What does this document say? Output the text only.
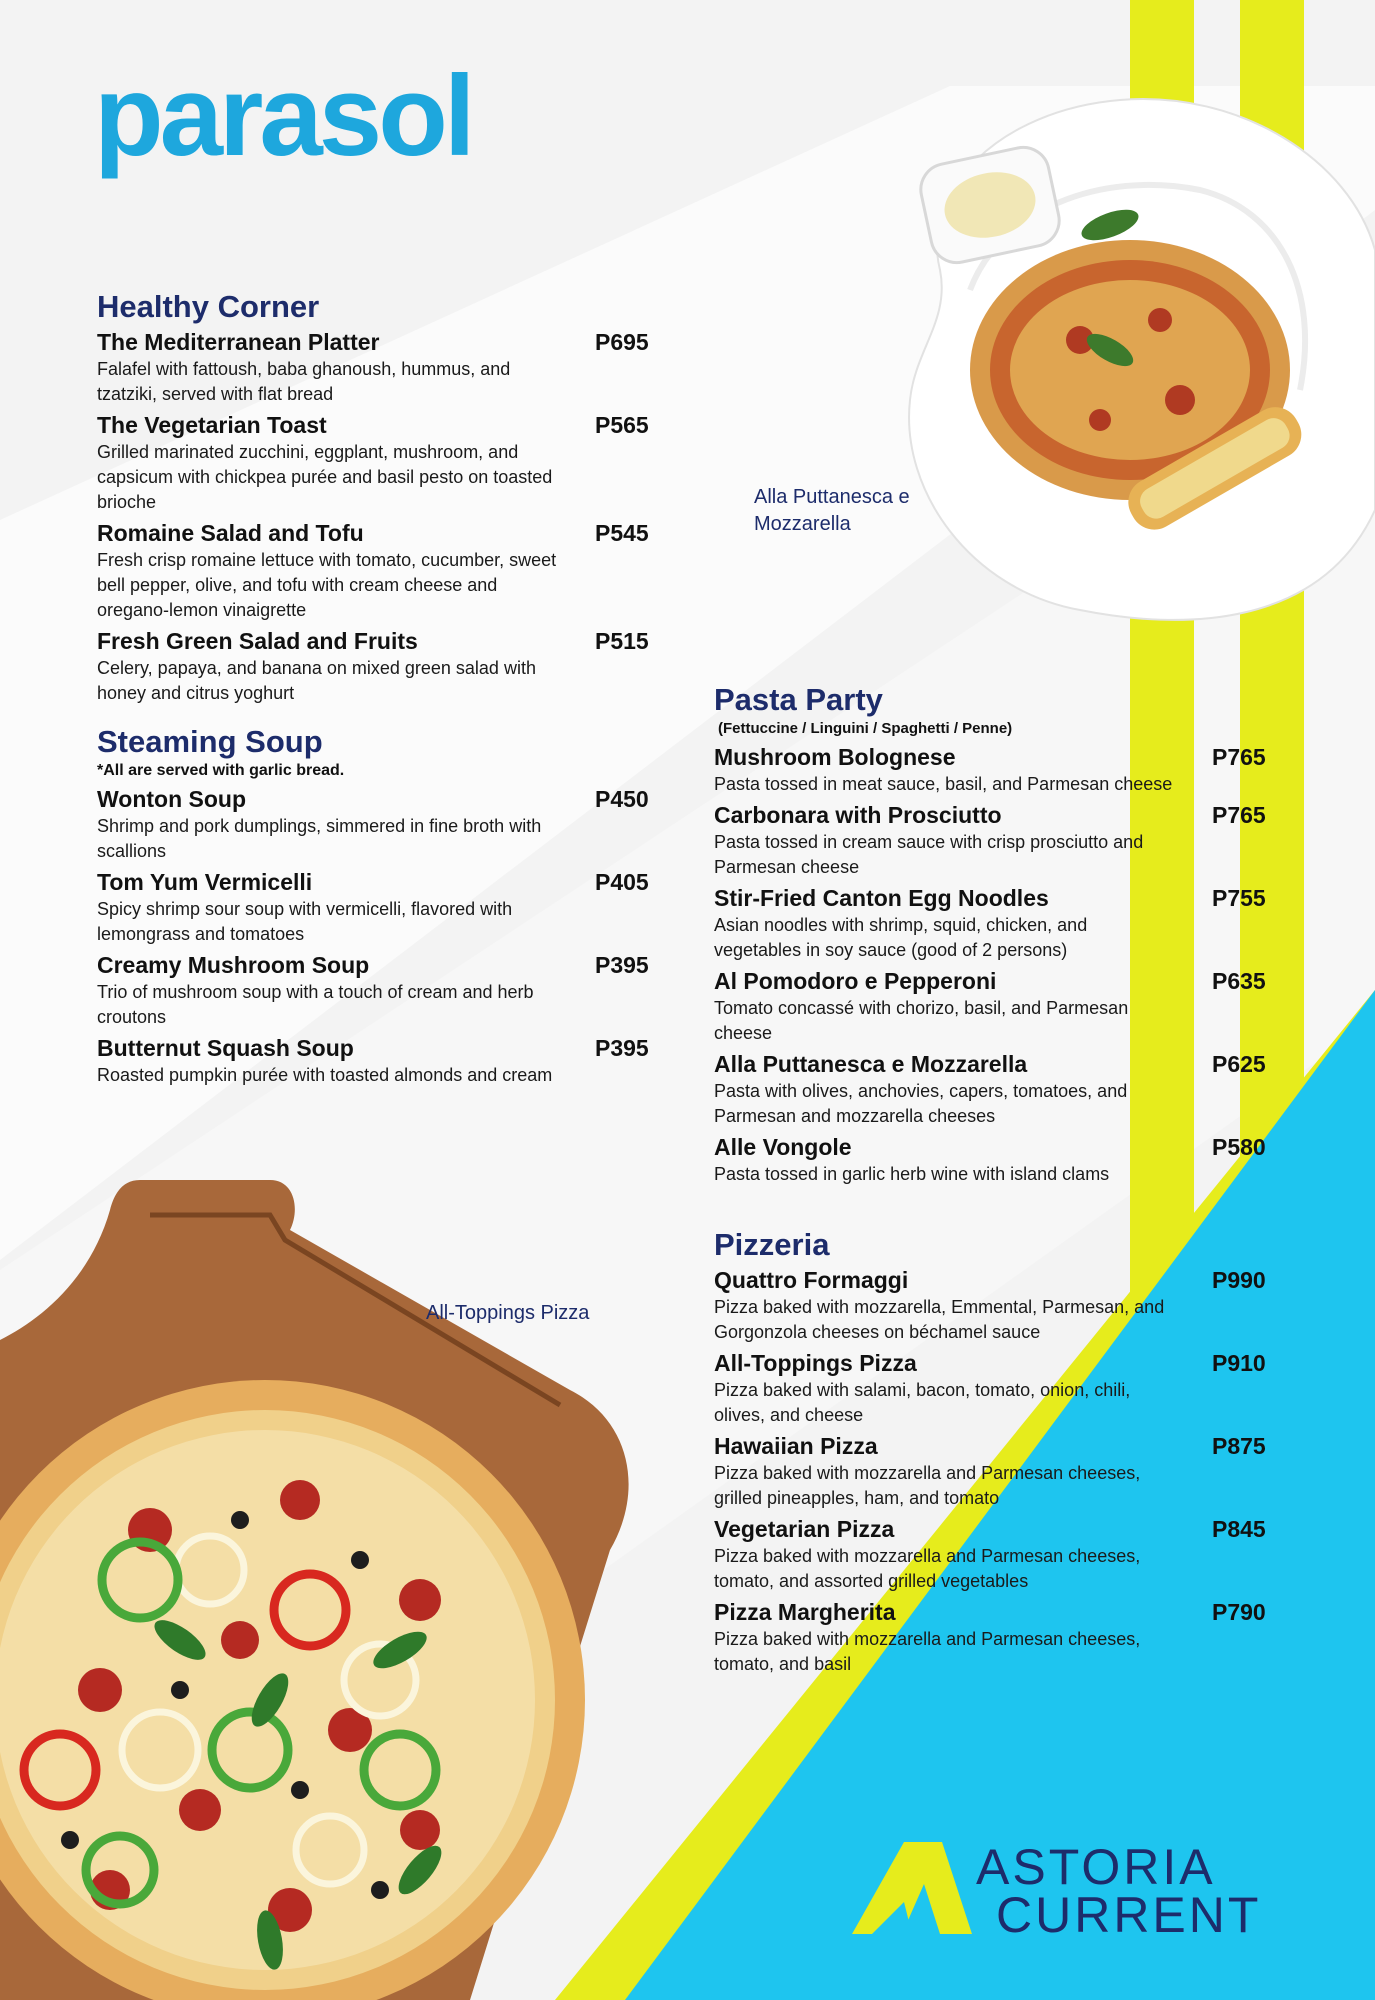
parasol
Alla Puttanesca e Mozzarella
All-Toppings Pizza
Healthy Corner
The Mediterranean Platter	P695
Falafel with fattoush, baba ghanoush, hummus, and tzatziki, served with flat bread
The Vegetarian Toast	P565
Grilled marinated zucchini, eggplant, mushroom, and capsicum with chickpea purée and basil pesto on toasted brioche
Romaine Salad and Tofu	P545
Fresh crisp romaine lettuce with tomato, cucumber, sweet bell pepper, olive, and tofu with cream cheese and oregano-lemon vinaigrette
Fresh Green Salad and Fruits	P515
Celery, papaya, and banana on mixed green salad with honey and citrus yoghurt
Steaming Soup
*All are served with garlic bread.
Wonton Soup	P450
Shrimp and pork dumplings, simmered in fine broth with scallions
Tom Yum Vermicelli	P405
Spicy shrimp sour soup with vermicelli, flavored with lemongrass and tomatoes
Creamy Mushroom Soup	P395
Trio of mushroom soup with a touch of cream and herb croutons
Butternut Squash Soup	P395
Roasted pumpkin purée with toasted almonds and cream
Pasta Party
(Fettuccine / Linguini / Spaghetti / Penne)
Mushroom Bolognese	P765
Pasta tossed in meat sauce, basil, and Parmesan cheese
Carbonara with Prosciutto	P765
Pasta tossed in cream sauce with crisp prosciutto and Parmesan cheese
Stir-Fried Canton Egg Noodles	P755
Asian noodles with shrimp, squid, chicken, and vegetables in soy sauce (good of 2 persons)
Al Pomodoro e Pepperoni	P635
Tomato concassé with chorizo, basil, and Parmesan cheese
Alla Puttanesca e Mozzarella	P625
Pasta with olives, anchovies, capers, tomatoes, and Parmesan and mozzarella cheeses
Alle Vongole	P580
Pasta tossed in garlic herb wine with island clams
Pizzeria
Quattro Formaggi	P990
Pizza baked with mozzarella, Emmental, Parmesan, and Gorgonzola cheeses on béchamel sauce
All-Toppings Pizza	P910
Pizza baked with salami, bacon, tomato, onion, chili, olives, and cheese
Hawaiian Pizza	P875
Pizza baked with mozzarella and Parmesan cheeses, grilled pineapples, ham, and tomato
Vegetarian Pizza	P845
Pizza baked with mozzarella and Parmesan cheeses, tomato, and assorted grilled vegetables
Pizza Margherita	P790
Pizza baked with mozzarella and Parmesan cheeses, tomato, and basil
ASTORIA
CURRENT
